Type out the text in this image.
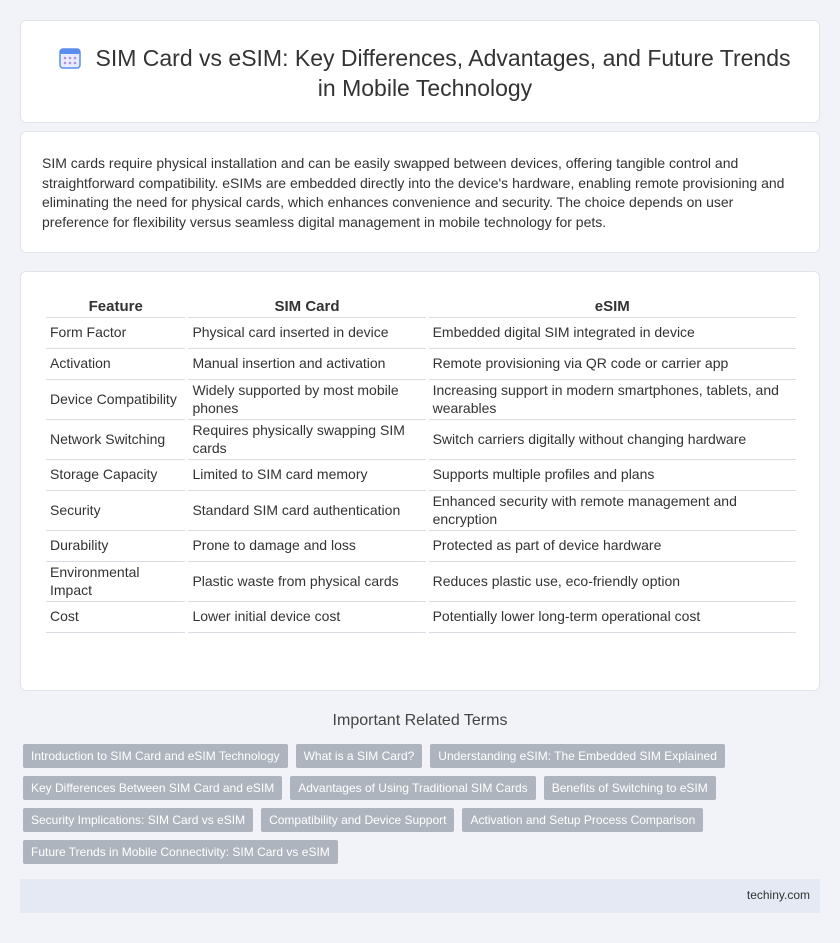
SIM Card vs eSIM: Key Differences, Advantages, and Future Trends in Mobile Technology

SIM cards require physical installation and can be easily swapped between devices, offering tangible control and straightforward compatibility. eSIMs are embedded directly into the device's hardware, enabling remote provisioning and eliminating the need for physical cards, which enhances convenience and security. The choice depends on user preference for flexibility versus seamless digital management in mobile technology for pets.

Feature	SIM Card	eSIM
Form Factor	Physical card inserted in device	Embedded digital SIM integrated in device
Activation	Manual insertion and activation	Remote provisioning via QR code or carrier app
Device Compatibility	Widely supported by most mobile phones	Increasing support in modern smartphones, tablets, and wearables
Network Switching	Requires physically swapping SIM cards	Switch carriers digitally without changing hardware
Storage Capacity	Limited to SIM card memory	Supports multiple profiles and plans
Security	Standard SIM card authentication	Enhanced security with remote management and encryption
Durability	Prone to damage and loss	Protected as part of device hardware
Environmental Impact	Plastic waste from physical cards	Reduces plastic use, eco-friendly option
Cost	Lower initial device cost	Potentially lower long-term operational cost
Important Related Terms
Introduction to SIM Card and eSIM Technology	What is a SIM Card?	Understanding eSIM: The Embedded SIM Explained
Key Differences Between SIM Card and eSIM	Advantages of Using Traditional SIM Cards	Benefits of Switching to eSIM
Security Implications: SIM Card vs eSIM	Compatibility and Device Support	Activation and Setup Process Comparison
Future Trends in Mobile Connectivity: SIM Card vs eSIM
techiny.com
